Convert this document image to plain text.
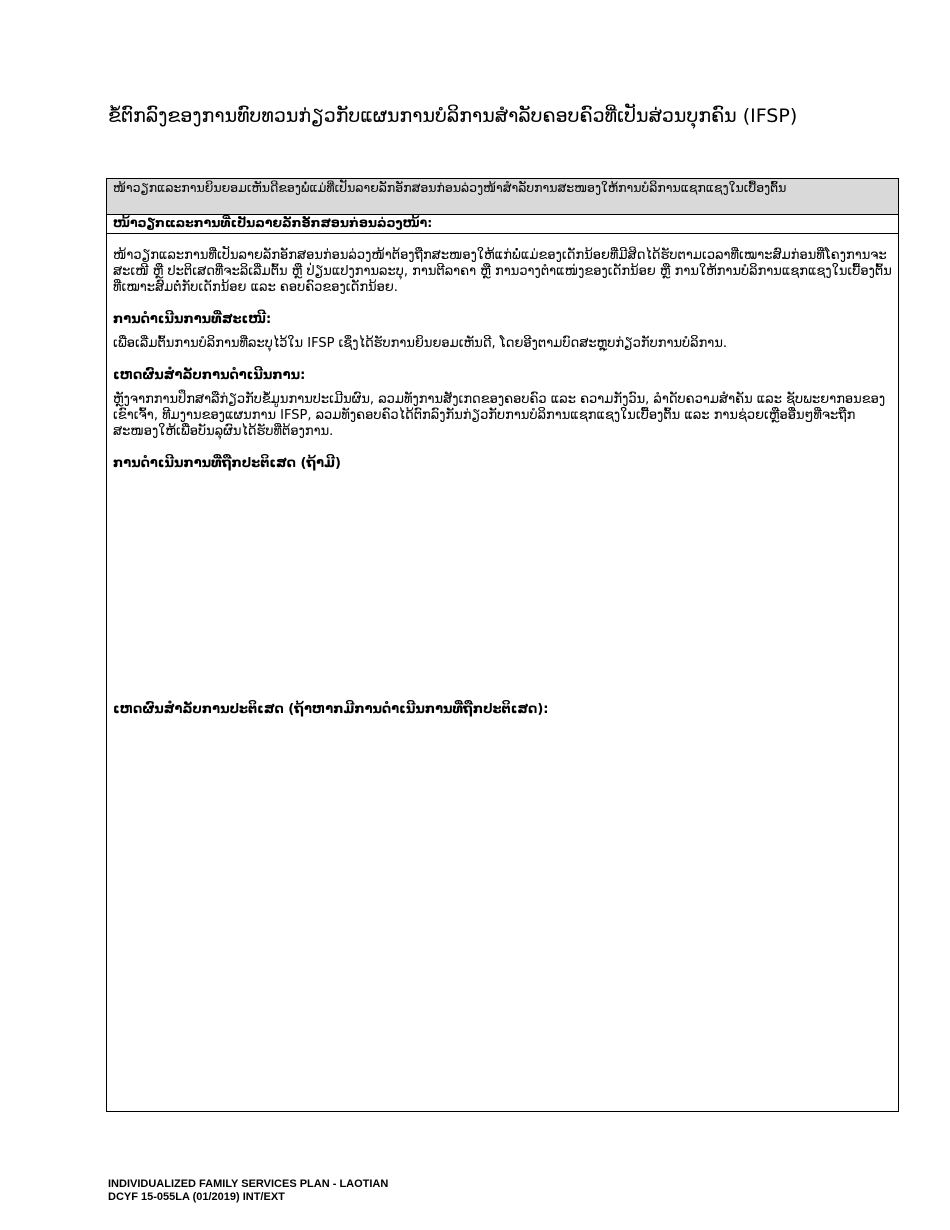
ຂໍ້ຕົກລົງຂອງການທົບທວນກ່ຽວກັບແຜນການບໍລິການສຳລັບຄອບຄົວທີ່ເປັນສ່ວນບຸກຄົນ (IFSP)
ໜ້າວຽກແລະການຍິນຍອມເຫັນດີຂອງພໍ່ແມ່ທີ່ເປັນລາຍລັກອັກສອນກ່ອນລ່ວງໜ້າສຳລັບການສະໜອງໃຫ້ການບໍລິການແຊກແຊງໃນເບື້ອງຕົ້ນ
ໜ້າວຽກແລະການທີ່ເປັນລາຍລັກອັກສອນກ່ອນລ່ວງໜ້າ:

ໜ້າວຽກແລະການທີ່ເປັນລາຍລັກອັກສອນກ່ອນລ່ວງໜ້າຕ້ອງຖືກສະໜອງໃຫ້ແກ່ພໍ່ແມ່ຂອງເດັກນ້ອຍທີ່ມີສິດໄດ້ຮັບຕາມເວລາທີ່ເໝາະສົມກ່ອນທີ່ໂຄງການຈະສະເໜີ ຫຼື ປະຕິເສດທີ່ຈະລິເລີ່ມຕົ້ນ ຫຼື ປ່ຽນແປງການລະບຸ, ການຕີລາຄາ ຫຼື ການວາງຕຳແໜ່ງຂອງເດັກນ້ອຍ ຫຼື ການໃຫ້ການບໍລິການແຊກແຊງໃນເບື້ອງຕົ້ນທີ່ເໝາະສົມຕໍ່ກັບເດັກນ້ອຍ ແລະ ຄອບຄົວຂອງເດັກນ້ອຍ.

ການດຳເນີນການທີ່ສະເໜີ:

ເພື່ອເລີ່ມຕົ້ນການບໍລິການທີ່ລະບຸໄວ້ໃນ IFSP ເຊິ່ງໄດ້ຮັບການຍິນຍອມເຫັນດີ, ໂດຍອີງຕາມບົດສະຫຼຸບກ່ຽວກັບການບໍລິການ.

ເຫດຜົນສຳລັບການດຳເນີນການ:

ຫຼັງຈາກການປຶກສາລືກ່ຽວກັບຂໍ້ມູນການປະເມີນຜົນ, ລວມທັງການສັງເກດຂອງຄອບຄົວ ແລະ ຄວາມກັງວົນ, ລຳດັບຄວາມສຳຄັນ ແລະ ຊັບພະຍາກອນຂອງເຂົາເຈົ້າ, ທີມງານຂອງແຜນການ IFSP, ລວມທັງຄອບຄົວໄດ້ຕົກລົງກັນກ່ຽວກັບການບໍລິການແຊກແຊງໃນເບື້ອງຕົ້ນ ແລະ ການຊ່ວຍເຫຼືອອື່ນໆທີ່ຈະຖືກສະໜອງໃຫ້ເພື່ອບັນລຸຜົນໄດ້ຮັບທີ່ຕ້ອງການ.

ການດຳເນີນການທີ່ຖືກປະຕິເສດ (ຖ້າມີ)

ເຫດຜົນສຳລັບການປະຕິເສດ (ຖ້າຫາກມີການດຳເນີນການທີ່ຖືກປະຕິເສດ):

INDIVIDUALIZED FAMILY SERVICES PLAN - LAOTIAN
DCYF 15-055LA (01/2019) INT/EXT
